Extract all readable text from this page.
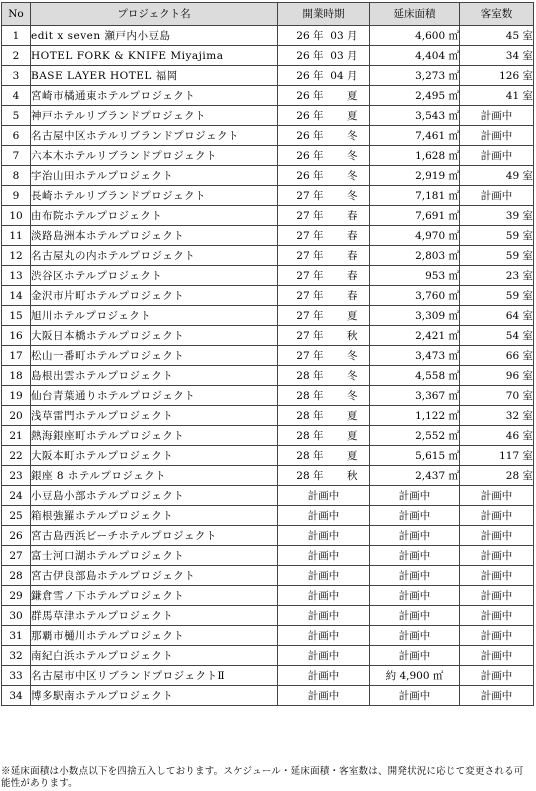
No	プロジェクト名	開業時期	延床面積	客室数
1	edit x seven 瀬戸内小豆島	26 年 03 月	4,600 ㎡	45 室
2	HOTEL FORK & KNIFE Miyajima	26 年 03 月	4,404 ㎡	34 室
3	BASE LAYER HOTEL 福岡	26 年 04 月	3,273 ㎡	126 室
4	宮崎市橘通東ホテルプロジェクト	26 年 夏	2,495 ㎡	41 室
5	神戸ホテルリブランドプロジェクト	26 年 夏	3,543 ㎡	計画中
6	名古屋中区ホテルリブランドプロジェクト	26 年 冬	7,461 ㎡	計画中
7	六本木ホテルリブランドプロジェクト	26 年 冬	1,628 ㎡	計画中
8	宇治山田ホテルプロジェクト	26 年 冬	2,919 ㎡	49 室
9	長崎ホテルリブランドプロジェクト	27 年 冬	7,181 ㎡	計画中
10	由布院ホテルプロジェクト	27 年 春	7,691 ㎡	39 室
11	淡路島洲本ホテルプロジェクト	27 年 春	4,970 ㎡	59 室
12	名古屋丸の内ホテルプロジェクト	27 年 春	2,803 ㎡	59 室
13	渋谷区ホテルプロジェクト	27 年 春	953 ㎡	23 室
14	金沢市片町ホテルプロジェクト	27 年 春	3,760 ㎡	59 室
15	旭川ホテルプロジェクト	27 年 夏	3,309 ㎡	64 室
16	大阪日本橋ホテルプロジェクト	27 年 秋	2,421 ㎡	54 室
17	松山一番町ホテルプロジェクト	27 年 冬	3,473 ㎡	66 室
18	島根出雲ホテルプロジェクト	28 年 冬	4,558 ㎡	96 室
19	仙台青葉通りホテルプロジェクト	28 年 冬	3,367 ㎡	70 室
20	浅草雷門ホテルプロジェクト	28 年 夏	1,122 ㎡	32 室
21	熱海銀座町ホテルプロジェクト	28 年 夏	2,552 ㎡	46 室
22	大阪本町ホテルプロジェクト	28 年 夏	5,615 ㎡	117 室
23	銀座 8 ホテルプロジェクト	28 年 秋	2,437 ㎡	28 室
24	小豆島小部ホテルプロジェクト	計画中	計画中	計画中
25	箱根強羅ホテルプロジェクト	計画中	計画中	計画中
26	宮古島西浜ビーチホテルプロジェクト	計画中	計画中	計画中
27	富士河口湖ホテルプロジェクト	計画中	計画中	計画中
28	宮古伊良部島ホテルプロジェクト	計画中	計画中	計画中
29	鎌倉雪ノ下ホテルプロジェクト	計画中	計画中	計画中
30	群馬草津ホテルプロジェクト	計画中	計画中	計画中
31	那覇市樋川ホテルプロジェクト	計画中	計画中	計画中
32	南紀白浜ホテルプロジェクト	計画中	計画中	計画中
33	名古屋市中区リブランドプロジェクトⅡ	計画中	約 4,900 ㎡	計画中
34	博多駅南ホテルプロジェクト	計画中	計画中	計画中
※延床面積は小数点以下を四捨五入しております。スケジュール・延床面積・客室数は、開発状況に応じて変更される可能性があります。
